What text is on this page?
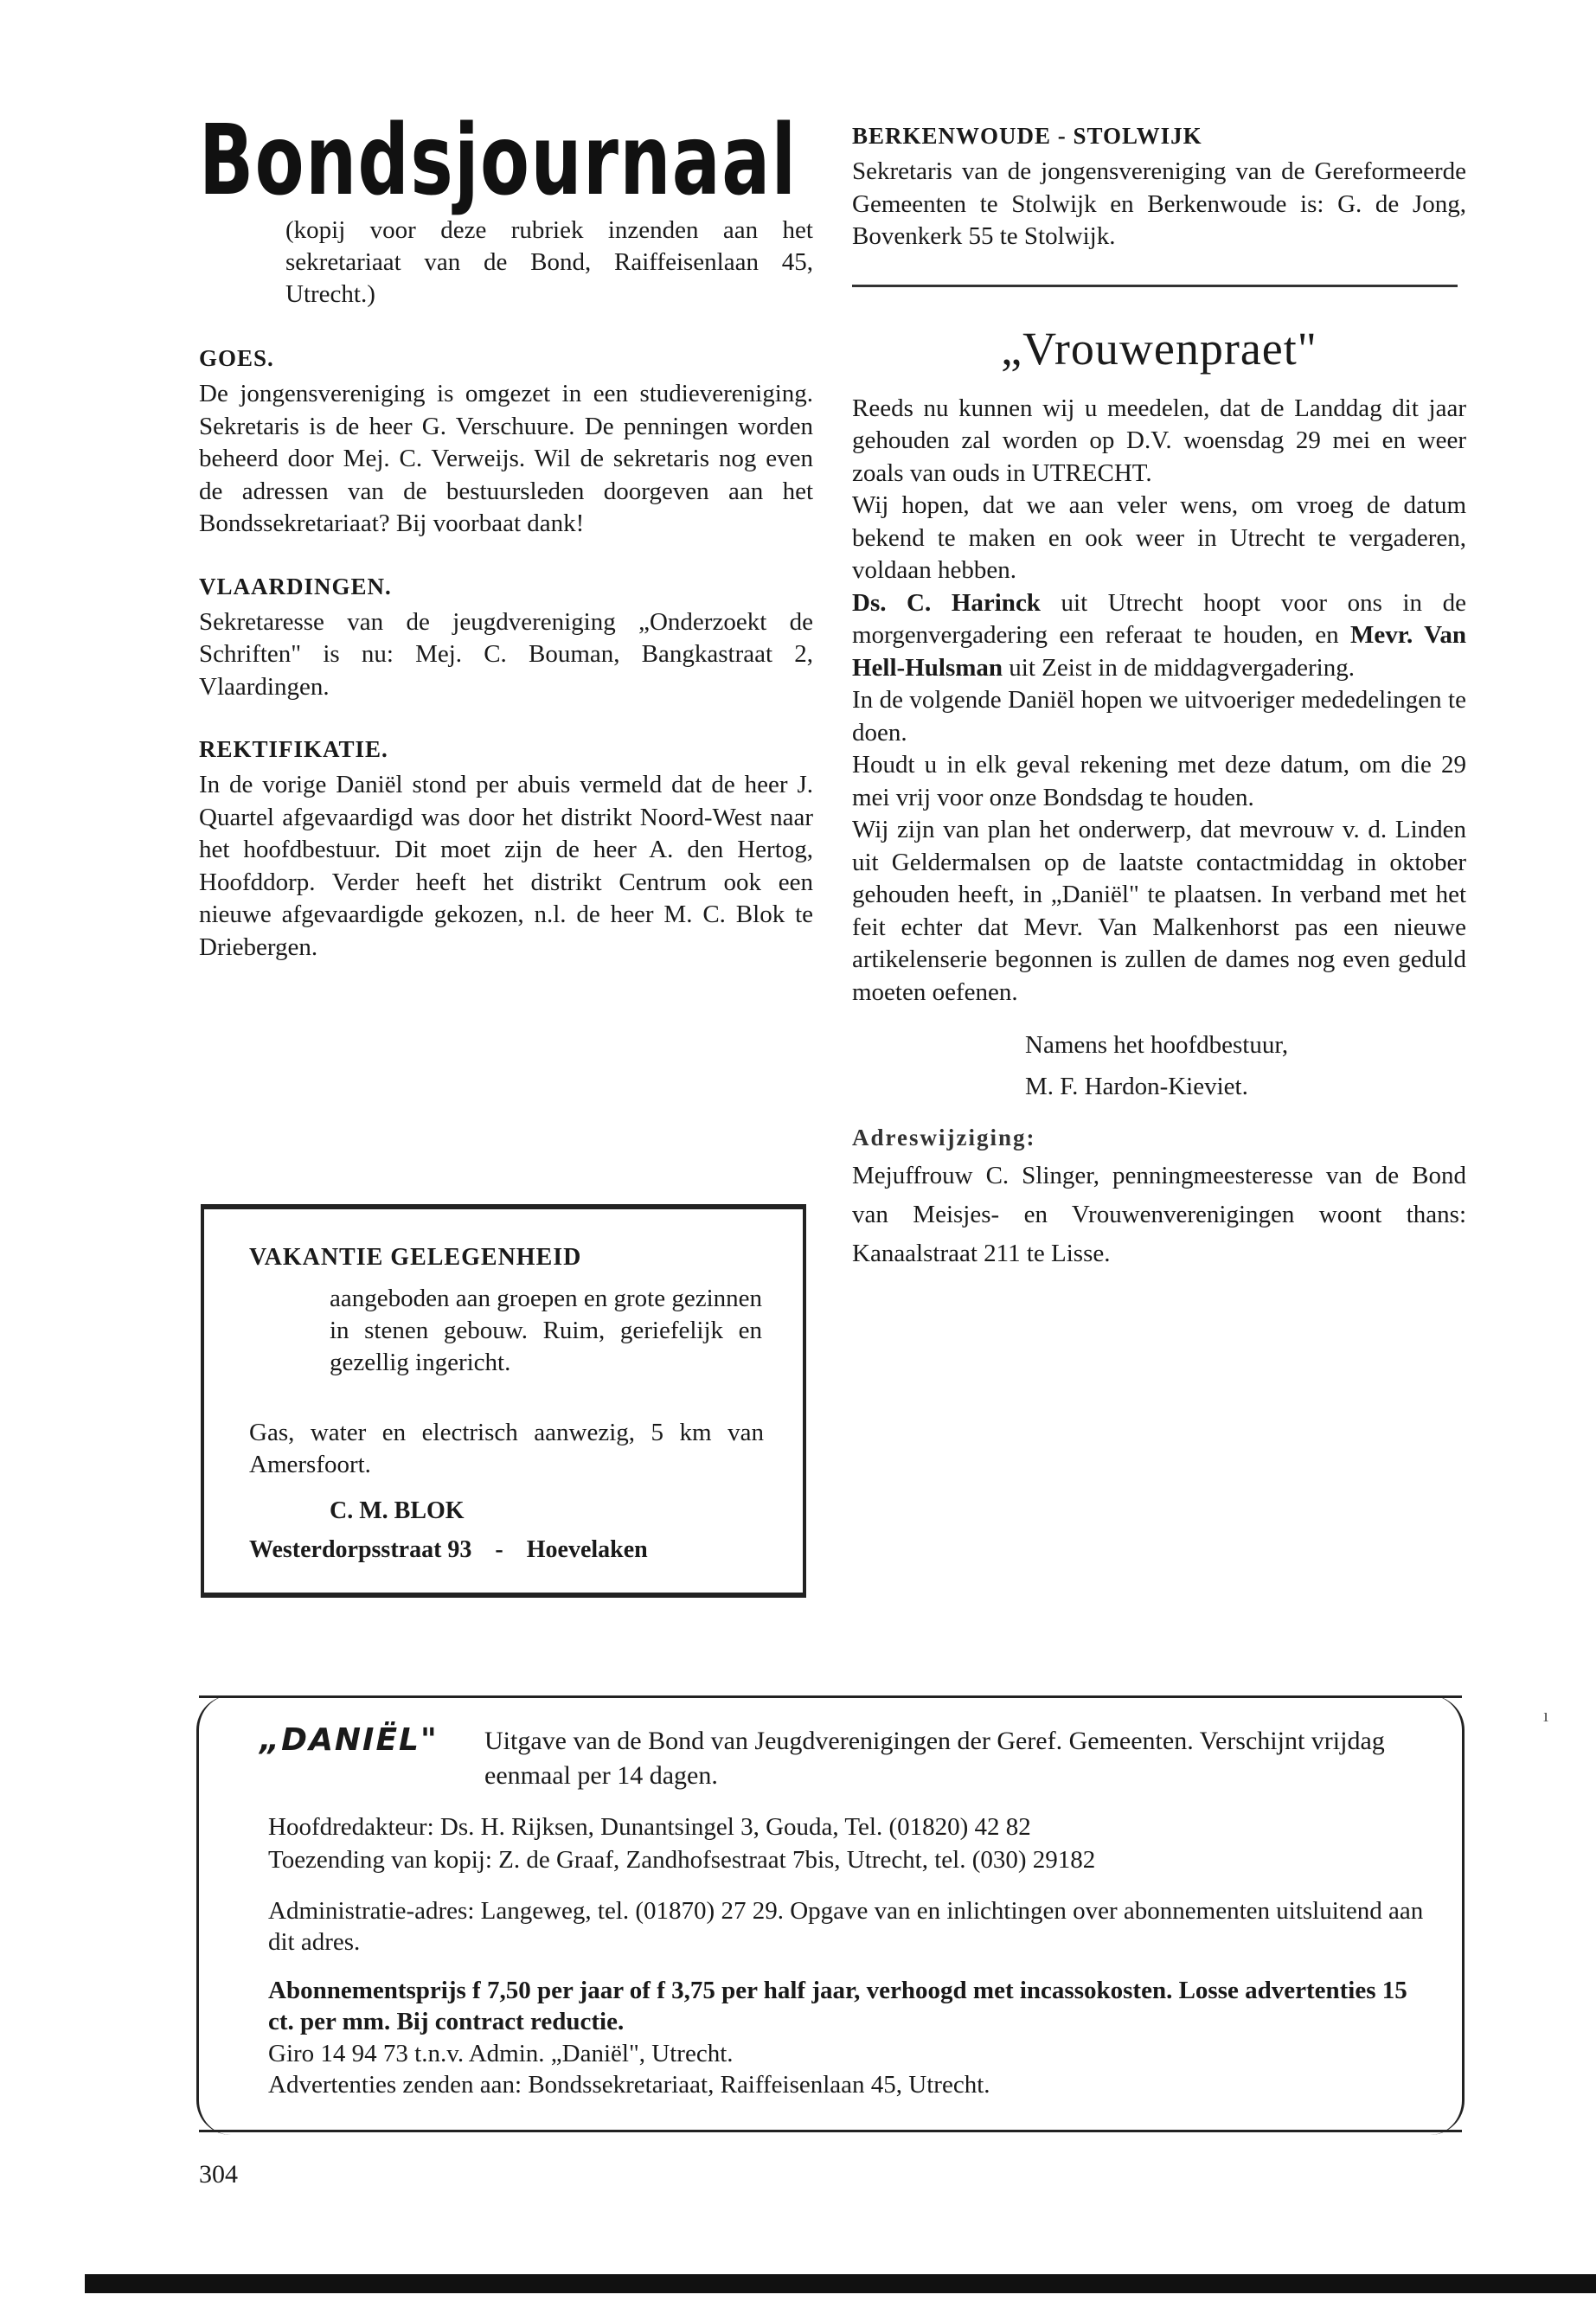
Bondsjournaal

(kopij voor deze rubriek inzenden aan het sekretariaat van de Bond, Raiffeisenlaan 45, Utrecht.)

GOES.

De jongensvereniging is omgezet in een studievereniging. Sekretaris is de heer G. Verschuure. De penningen worden beheerd door Mej. C. Verweijs. Wil de sekretaris nog even de adressen van de bestuursleden doorgeven aan het Bondssekretariaat? Bij voorbaat dank!

VLAARDINGEN.

Sekretaresse van de jeugdvereniging „Onderzoekt de Schriften" is nu: Mej. C. Bouman, Bangkastraat 2, Vlaardingen.

REKTIFIKATIE.

In de vorige Daniël stond per abuis vermeld dat de heer J. Quartel afgevaardigd was door het distrikt Noord-West naar het hoofdbestuur. Dit moet zijn de heer A. den Hertog, Hoofddorp. Verder heeft het distrikt Centrum ook een nieuwe afgevaardigde gekozen, n.l. de heer M. C. Blok te Driebergen.

VAKANTIE GELEGENHEID
aangeboden aan groepen en grote gezinnen in stenen gebouw. Ruim, geriefelijk en gezellig ingericht.
Gas, water en electrisch aanwezig, 5 km van Amersfoort.
C. M. BLOK
Westerdorpsstraat 93 - Hoevelaken
BERKENWOUDE - STOLWIJK

Sekretaris van de jongensvereniging van de Gereformeerde Gemeenten te Stolwijk en Berkenwoude is: G. de Jong, Bovenkerk 55 te Stolwijk.

„Vrouwenpraet"

Reeds nu kunnen wij u meedelen, dat de Landdag dit jaar gehouden zal worden op D.V. woensdag 29 mei en weer zoals van ouds in UTRECHT.

Wij hopen, dat we aan veler wens, om vroeg de datum bekend te maken en ook weer in Utrecht te vergaderen, voldaan hebben.

Ds. C. Harinck uit Utrecht hoopt voor ons in de morgenvergadering een referaat te houden, en Mevr. Van Hell-Hulsman uit Zeist in de middagvergadering.

In de volgende Daniël hopen we uitvoeriger mededelingen te doen.

Houdt u in elk geval rekening met deze datum, om die 29 mei vrij voor onze Bondsdag te houden.

Wij zijn van plan het onderwerp, dat mevrouw v. d. Linden uit Geldermalsen op de laatste contactmiddag in oktober gehouden heeft, in „Daniël" te plaatsen. In verband met het feit echter dat Mevr. Van Malkenhorst pas een nieuwe artikelenserie begonnen is zullen de dames nog even geduld moeten oefenen.

Namens het hoofdbestuur,
M. F. Hardon-Kieviet.
Adreswijziging:

Mejuffrouw C. Slinger, penningmeesteresse van de Bond van Meisjes- en Vrouwenverenigingen woont thans: Kanaalstraat 211 te Lisse.

„DANIËL" Uitgave van de Bond van Jeugdverenigingen der Geref. Gemeenten. Verschijnt vrijdag eenmaal per 14 dagen.
Hoofdredakteur: Ds. H. Rijksen, Dunantsingel 3, Gouda, Tel. (01820) 42 82
Toezending van kopij: Z. de Graaf, Zandhofsestraat 7bis, Utrecht, tel. (030) 29182
Administratie-adres: Langeweg, tel. (01870) 27 29. Opgave van en inlichtingen over abonnementen uitsluitend aan dit adres.
Abonnementsprijs f 7,50 per jaar of f 3,75 per half jaar, verhoogd met incassokosten. Losse advertenties 15 ct. per mm. Bij contract reductie.
Giro 14 94 73 t.n.v. Admin. „Daniël", Utrecht.
Advertenties zenden aan: Bondssekretariaat, Raiffeisenlaan 45, Utrecht.
ı
304
